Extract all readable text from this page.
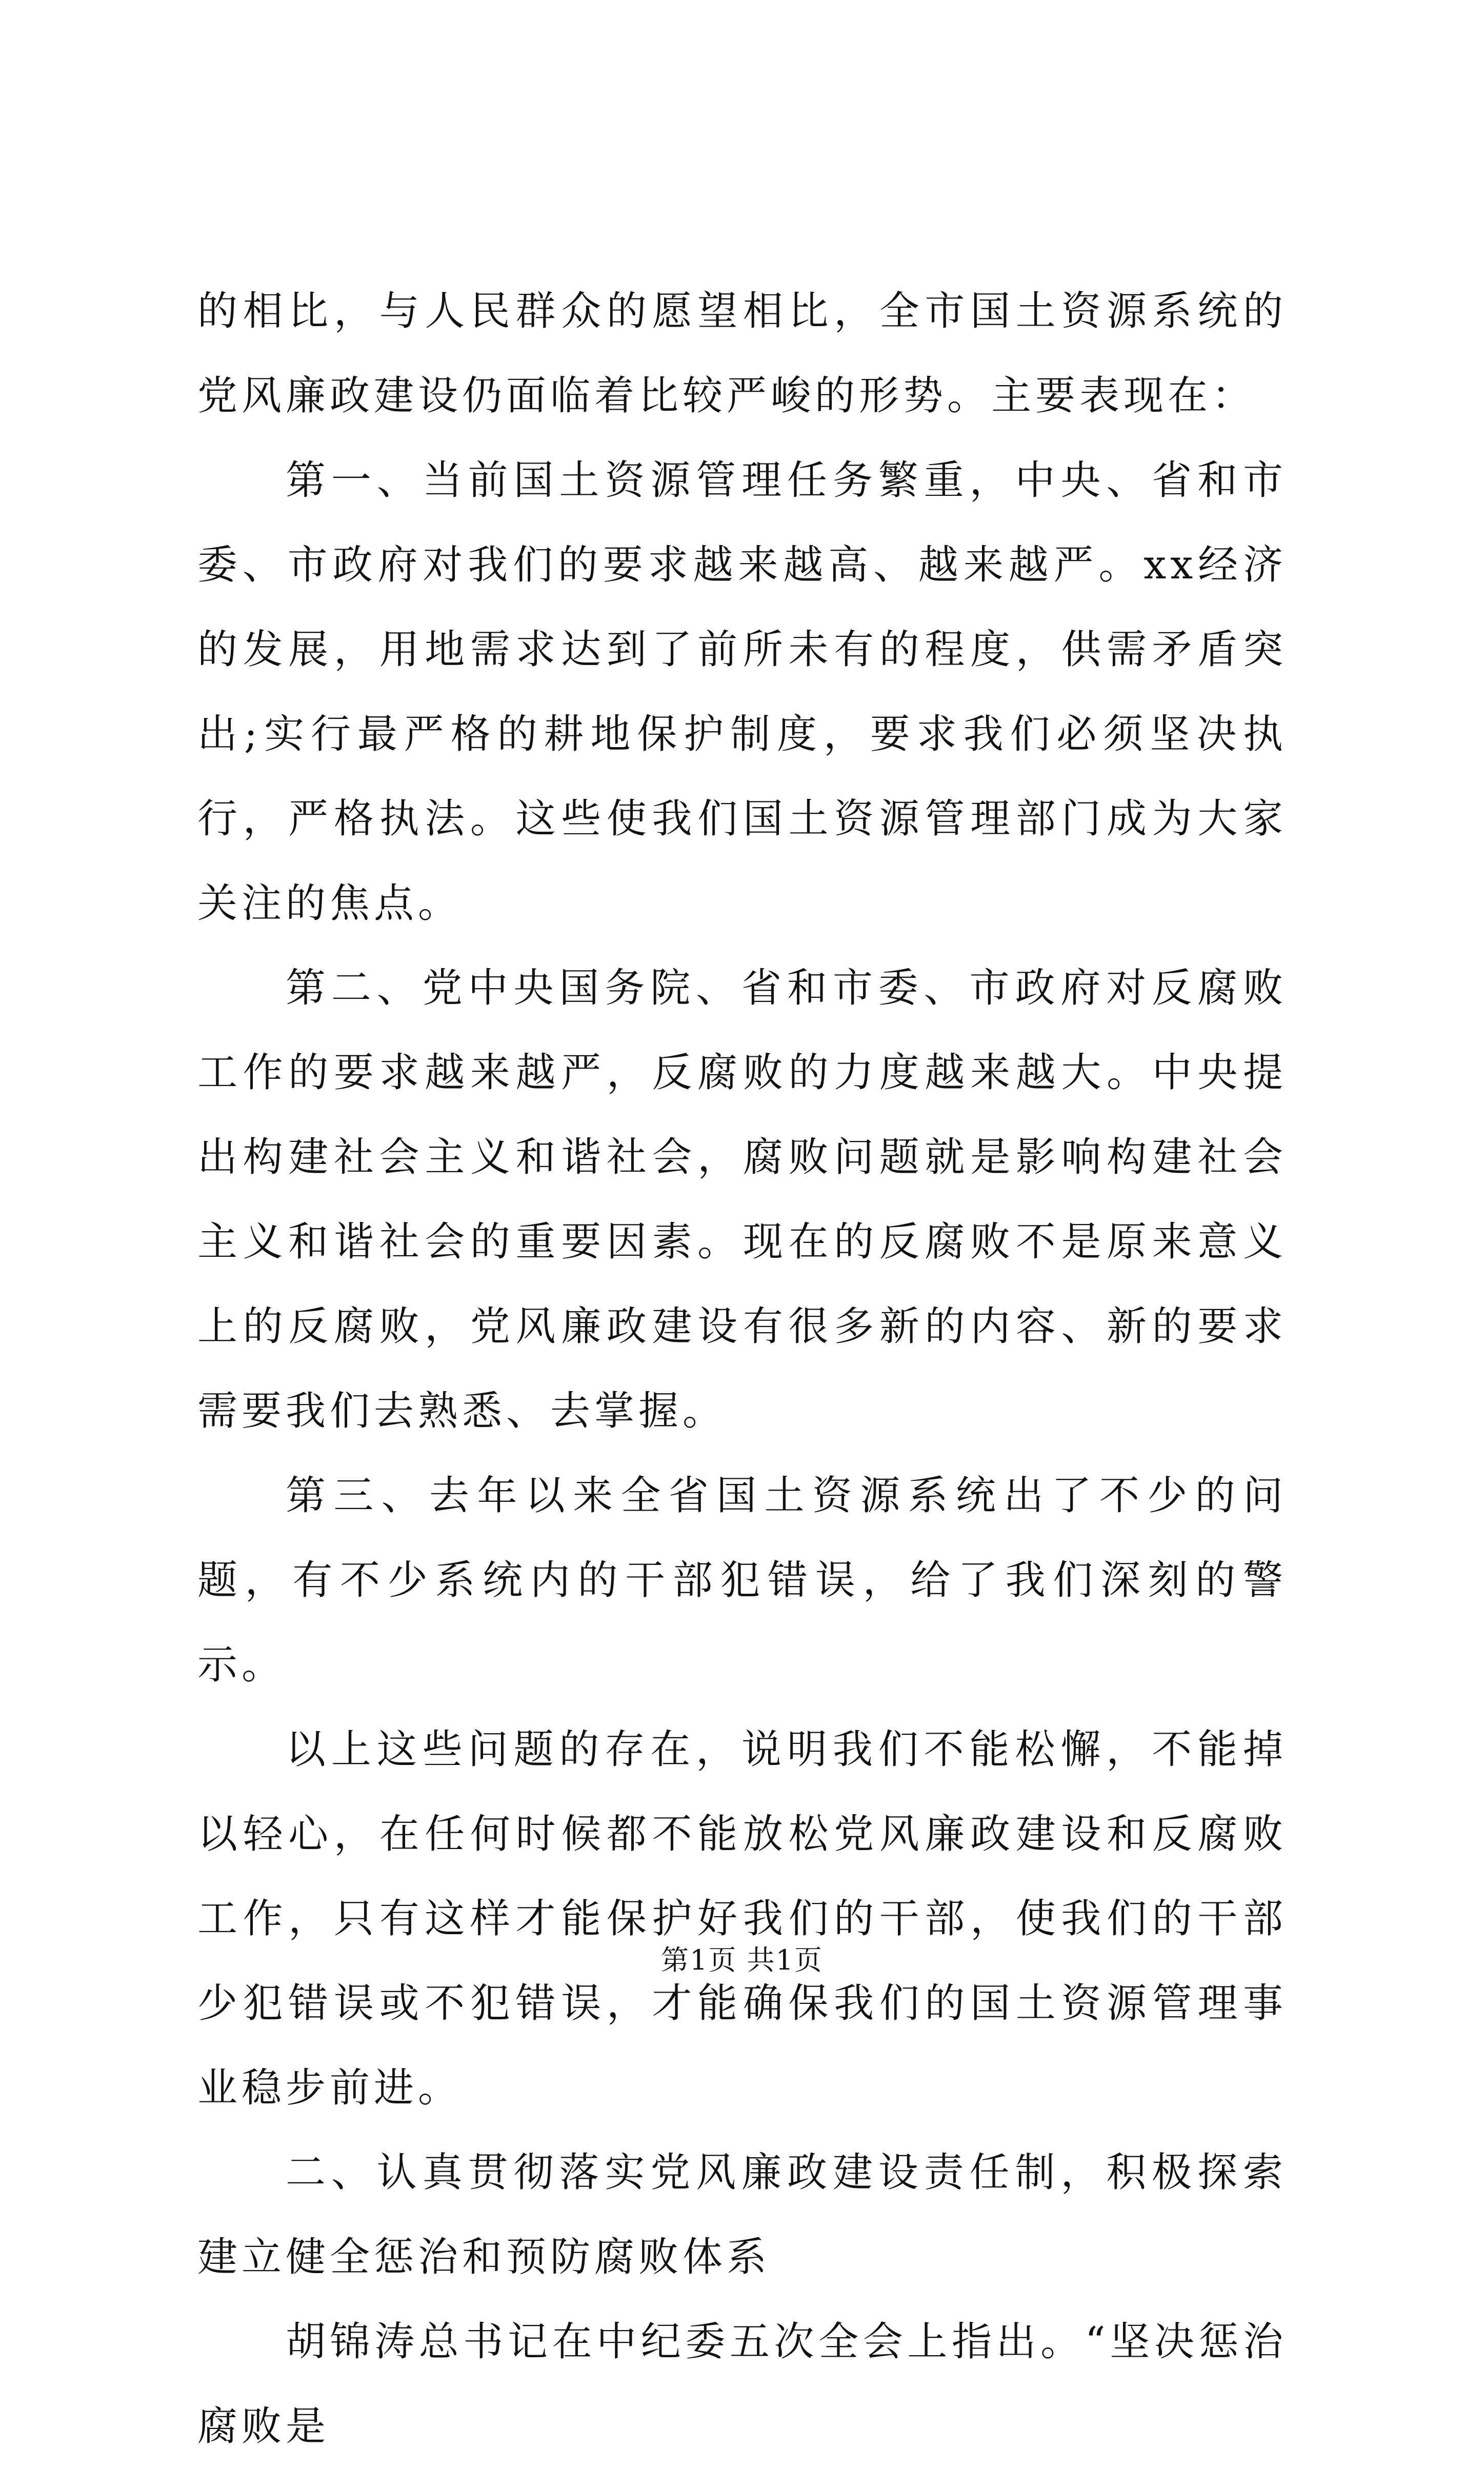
的相比，与人民群众的愿望相比，全市国土资源系统的党风廉政建设仍面临着比较严峻的形势。主要表现在：

第一、当前国土资源管理任务繁重，中央、省和市委、市政府对我们的要求越来越高、越来越严。xx经济的发展，用地需求达到了前所未有的程度，供需矛盾突出;实行最严格的耕地保护制度，要求我们必须坚决执行，严格执法。这些使我们国土资源管理部门成为大家关注的焦点。

第二、党中央国务院、省和市委、市政府对反腐败工作的要求越来越严，反腐败的力度越来越大。中央提出构建社会主义和谐社会，腐败问题就是影响构建社会主义和谐社会的重要因素。现在的反腐败不是原来意义上的反腐败，党风廉政建设有很多新的内容、新的要求需要我们去熟悉、去掌握。

第三、去年以来全省国土资源系统出了不少的问题，有不少系统内的干部犯错误，给了我们深刻的警示。

以上这些问题的存在，说明我们不能松懈，不能掉以轻心，在任何时候都不能放松党风廉政建设和反腐败工作，只有这样才能保护好我们的干部，使我们的干部少犯错误或不犯错误，才能确保我们的国土资源管理事业稳步前进。

二、认真贯彻落实党风廉政建设责任制，积极探索建立健全惩治和预防腐败体系

胡锦涛总书记在中纪委五次全会上指出。“坚决惩治腐败是

第1页 共1页
